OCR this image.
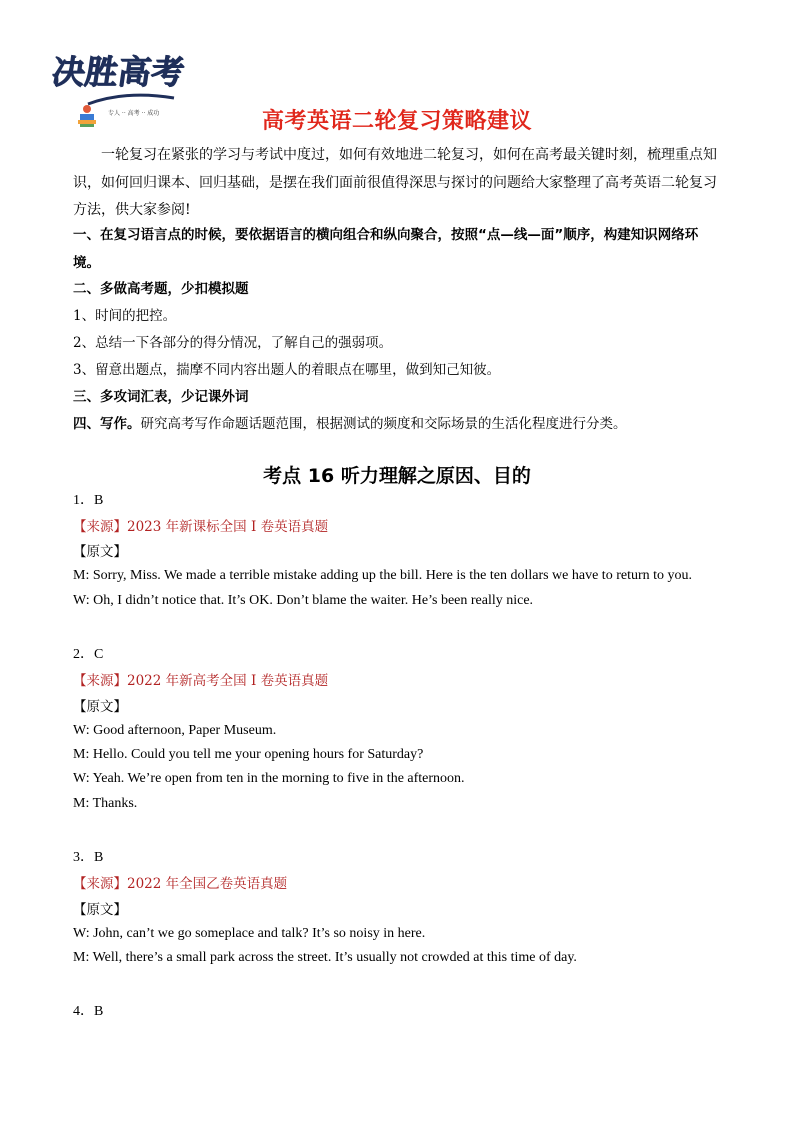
决胜高考
专人 ·· 高考 ·· 成功	高考英语二轮复习策略建议
一轮复习在紧张的学习与考试中度过，如何有效地进二轮复习，如何在高考最关键时刻，梳理重点知识，如何回归课本、回归基础，是摆在我们面前很值得深思与探讨的问题给大家整理了高考英语二轮复习方法，供大家参阅!
一、在复习语言点的时候，要依据语言的横向组合和纵向聚合，按照“点—线—面”顺序，构建知识网络环境。
二、多做高考题，少扣模拟题
1、时间的把控。
2、总结一下各部分的得分情况，了解自己的强弱项。
3、留意出题点，揣摩不同内容出题人的着眼点在哪里，做到知己知彼。
三、多攻词汇表，少记课外词
四、写作。研究高考写作命题话题范围，根据测试的频度和交际场景的生活化程度进行分类。
考点 16 听力理解之原因、目的
1．B
【来源】2023 年新课标全国 I 卷英语真题
【原文】
M: Sorry, Miss. We made a terrible mistake adding up the bill. Here is the ten dollars we have to return to you.
W: Oh, I didn’t notice that. It’s OK. Don’t blame the waiter. He’s been really nice.
2．C
【来源】2022 年新高考全国 I 卷英语真题
【原文】
W: Good afternoon, Paper Museum.
M: Hello. Could you tell me your opening hours for Saturday?
W: Yeah. We’re open from ten in the morning to five in the afternoon.
M: Thanks.
3．B
【来源】2022 年全国乙卷英语真题
【原文】
W: John, can’t we go someplace and talk? It’s so noisy in here.
M: Well, there’s a small park across the street. It’s usually not crowded at this time of day.
4．B
